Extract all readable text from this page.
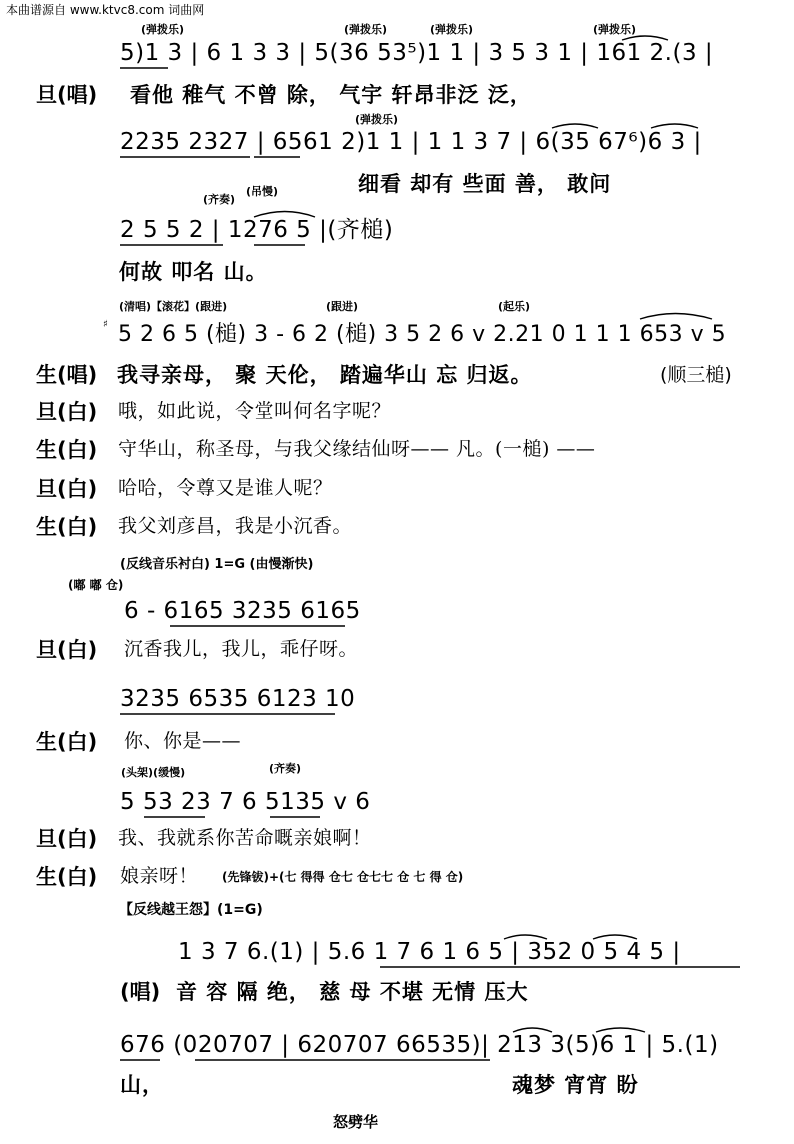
本曲谱源自 www.ktvc8.com 词曲网
(弹拨乐)	(弹拨乐)	(弹拨乐)	(弹拨乐)
5)1 3 | 6 1 3 3 | 5(36 53⁵)1 1 | 3 5 3 1 | 161 2.(3 |
旦(唱) 看他 稚气 不曾 除， 气宇 轩昂非泛 泛，
(弹拨乐)
2235 2327 | 6561 2)1 1 | 1 1 3 7 | 6(35 67⁶)6 3 |
细看 却有 些面 善， 敢问
(齐奏)
(吊慢)
2 5 5 2 | 1276 5 |(齐槌)
何故 叩名 山。
(清唱)【滚花】(跟进)	(跟进)	(起乐)
♯ 5 2 6 5 (槌) 3 - 6 2 (槌) 3 5 2 6 v 2.21 0 1 1 1 653 v 5
生(唱) 我寻亲母， 聚 天伦， 踏遍华山 忘 归返。	(顺三槌)
旦(白) 哦，如此说，令堂叫何名字呢？
生(白) 守华山，称圣母，与我父缘结仙呀—— 凡。(一槌) ——
旦(白) 哈哈，令尊又是谁人呢？
生(白) 我父刘彦昌，我是小沉香。
(反线音乐衬白) 1=G (由慢渐快)
(嘟 嘟 仓)
6 - 6165 3235 6165
旦(白) 沉香我儿，我儿，乖仔呀。
3235 6535 6123 10
生(白) 你、你是——
(头架)(缓慢)	(齐奏)
5 53 23 7 6 5135 v 6
旦(白) 我、我就系你苦命嘅亲娘啊！
生(白) 娘亲呀！ (先锋钹)+(七 得得 仓七 仓七七 仓 七 得 仓)
【反线越王怨】(1=G)
1 3 7 6.(1) | 5.6 1 7 6 1 6 5 | 352 0 5 4 5 |
(唱) 音 容 隔 绝， 慈 母 不堪 无情 压大
676 (020707 | 620707 66535)| 213 3(5)6 1 | 5.(1)
山，	魂梦 宵宵 盼
怒劈华
